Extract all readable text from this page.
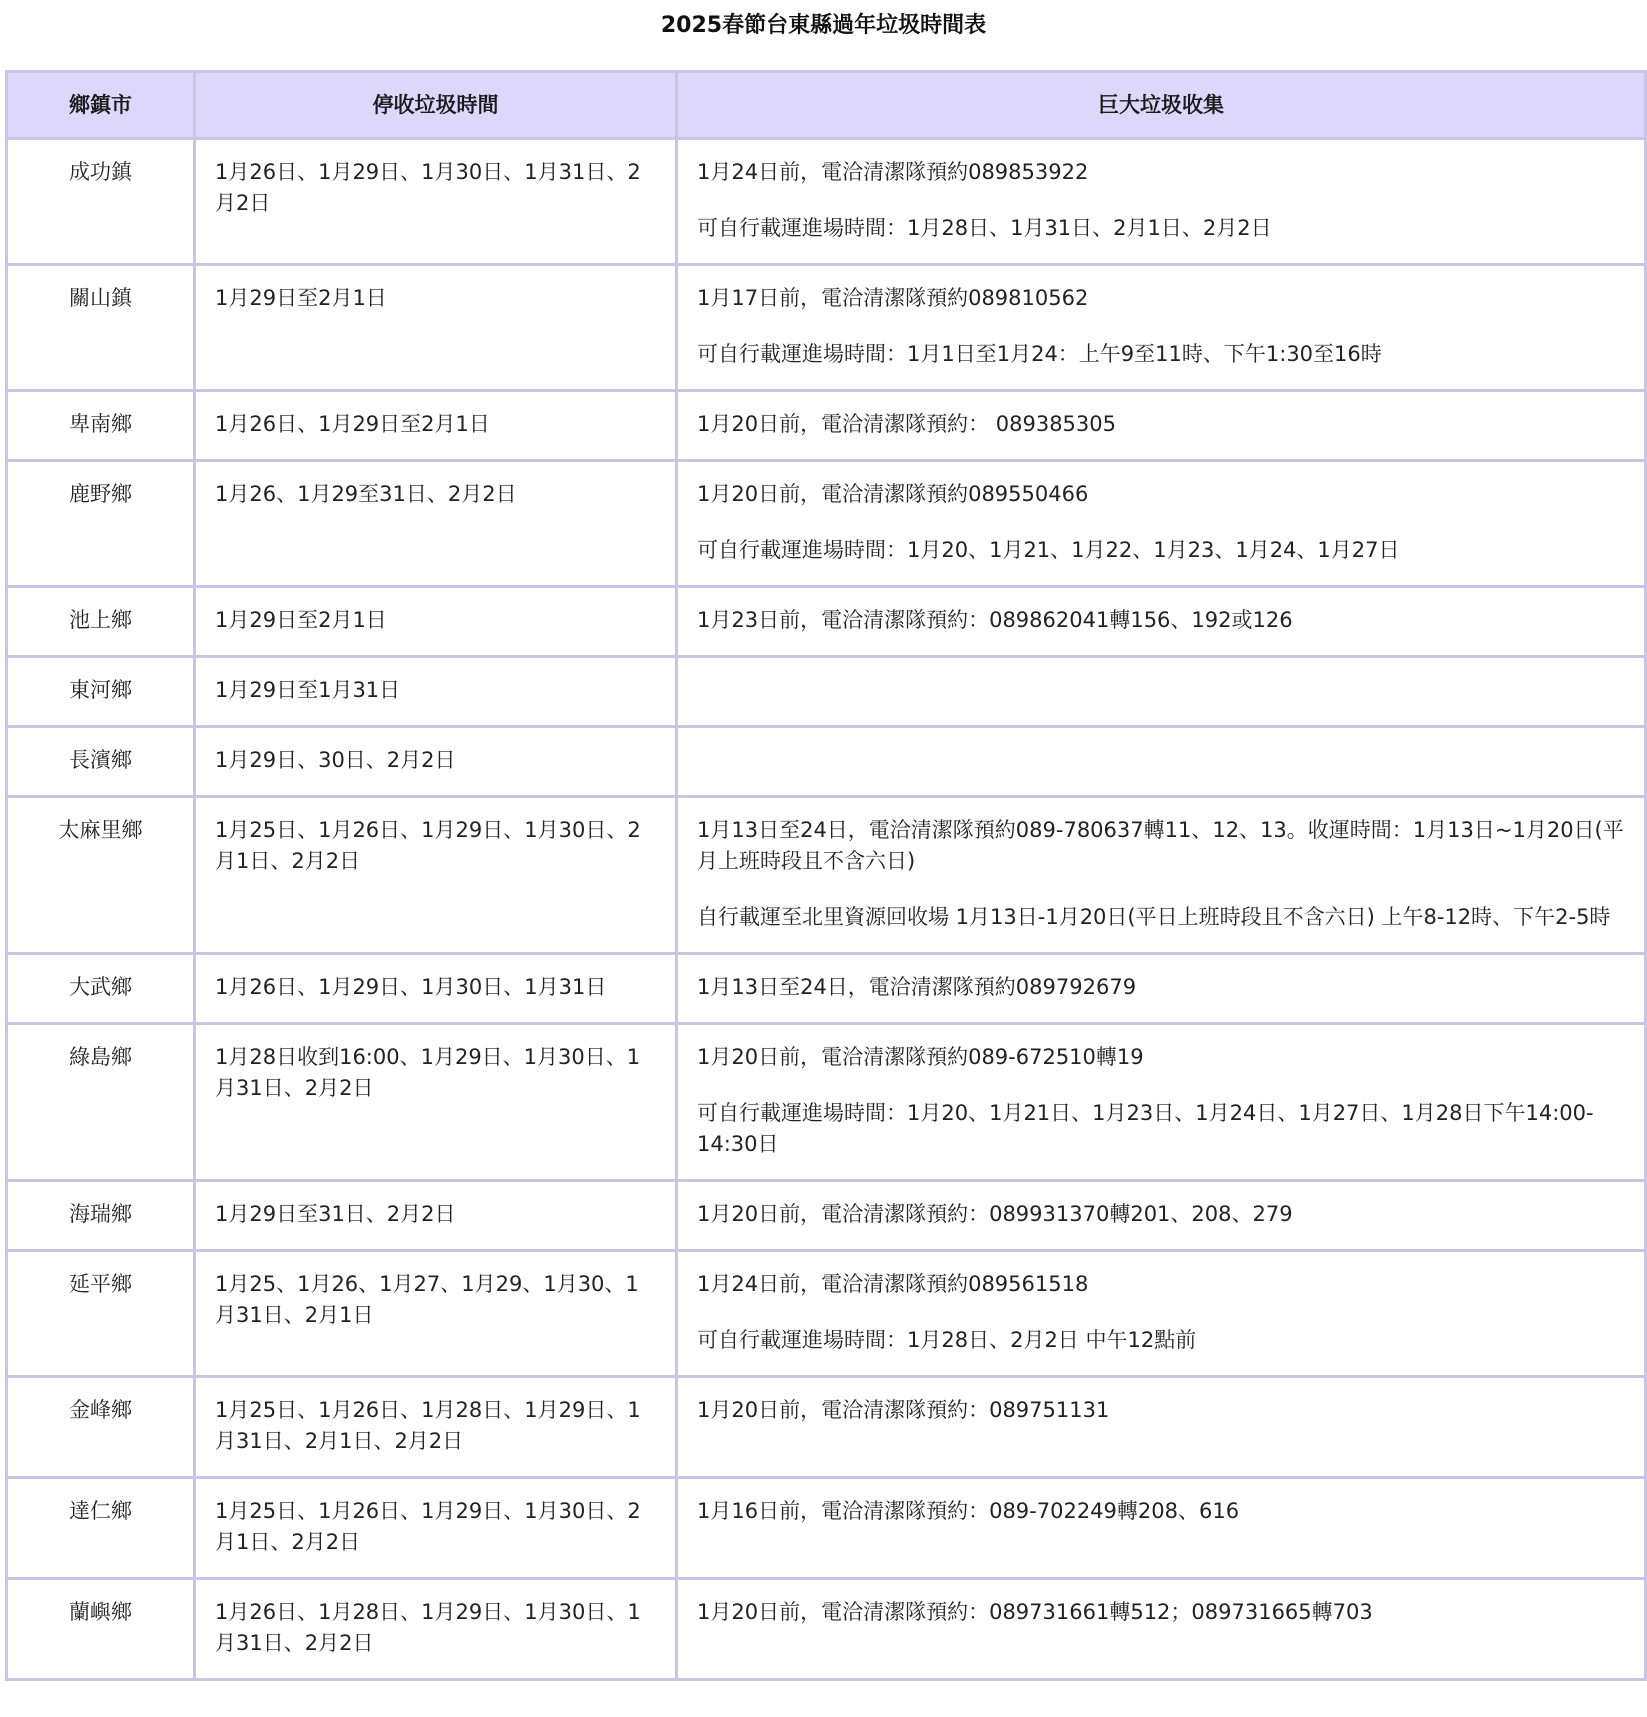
2025春節台東縣過年垃圾時間表
鄉鎮市	停收垃圾時間	巨大垃圾收集
成功鎮	1月26日、1月29日、1月30日、1月31日、2月2日	1月24日前，電洽清潔隊預約089853922

可自行載運進場時間：1月28日、1月31日、2月1日、2月2日

關山鎮	1月29日至2月1日	1月17日前，電洽清潔隊預約089810562

可自行載運進場時間：1月1日至1月24：上午9至11時、下午1:30至16時

卑南鄉	1月26日、1月29日至2月1日	1月20日前，電洽清潔隊預約： 089385305

鹿野鄉	1月26、1月29至31日、2月2日	1月20日前，電洽清潔隊預約089550466

可自行載運進場時間：1月20、1月21、1月22、1月23、1月24、1月27日

池上鄉	1月29日至2月1日	1月23日前，電洽清潔隊預約：089862041轉156、192或126

東河鄉	1月29日至1月31日	
長濱鄉	1月29日、30日、2月2日	
太麻里鄉	1月25日、1月26日、1月29日、1月30日、2月1日、2月2日	1月13日至24日，電洽清潔隊預約089-780637轉11、12、13。收運時間：1月13日~1月20日(平月上班時段且不含六日)

自行載運至北里資源回收場 1月13日-1月20日(平日上班時段且不含六日) 上午8-12時、下午2-5時

大武鄉	1月26日、1月29日、1月30日、1月31日	1月13日至24日，電洽清潔隊預約089792679

綠島鄉	1月28日收到16:00、1月29日、1月30日、1月31日、2月2日	1月20日前，電洽清潔隊預約089-672510轉19

可自行載運進場時間：1月20、1月21日、1月23日、1月24日、1月27日、1月28日下午14:00-14:30日

海瑞鄉	1月29日至31日、2月2日	1月20日前，電洽清潔隊預約：089931370轉201、208、279

延平鄉	1月25、1月26、1月27、1月29、1月30、1月31日、2月1日	1月24日前，電洽清潔隊預約089561518

可自行載運進場時間：1月28日、2月2日 中午12點前

金峰鄉	1月25日、1月26日、1月28日、1月29日、1月31日、2月1日、2月2日	1月20日前，電洽清潔隊預約：089751131

達仁鄉	1月25日、1月26日、1月29日、1月30日、2月1日、2月2日	1月16日前，電洽清潔隊預約：089-702249轉208、616

蘭嶼鄉	1月26日、1月28日、1月29日、1月30日、1月31日、2月2日	1月20日前，電洽清潔隊預約：089731661轉512；089731665轉703
